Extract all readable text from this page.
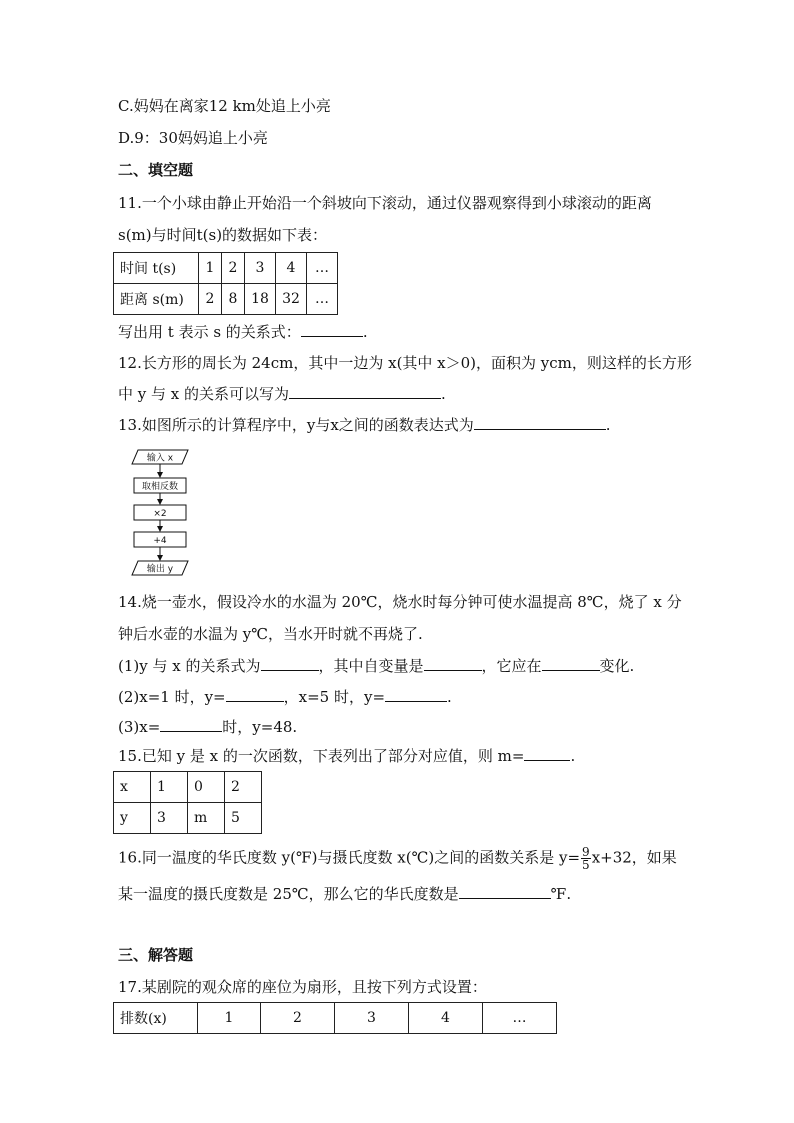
C.妈妈在离家12 km处追上小亮
D.9：30妈妈追上小亮
二、填空题
11.一个小球由静止开始沿一个斜坡向下滚动，通过仪器观察得到小球滚动的距离
s(m)与时间t(s)的数据如下表：
时间 t(s)	1	2	3	4	…
距离 s(m)	2	8	18	32	…
写出用 t 表示 s 的关系式：	.
12.长方形的周长为 24cm，其中一边为 x(其中 x＞0)，面积为 ycm，则这样的长方形
中 y 与 x 的关系可以写为	.
13.如图所示的计算程序中，y与x之间的函数表达式为	.
输入 x
取相反数
×2
+4
输出 y
14.烧一壶水，假设冷水的水温为 20℃，烧水时每分钟可使水温提高 8℃，烧了 x 分
钟后水壶的水温为 y℃，当水开时就不再烧了.
(1)y 与 x 的关系式为	，其中自变量是	，它应在	变化.
(2)x=1 时，y=	，x=5 时，y=	.
(3)x=	时，y=48.
15.已知 y 是 x 的一次函数，下表列出了部分对应值，则 m=	.
x	1	0	2
y	3	m	5
16.同一温度的华氏度数 y(℉)与摄氏度数 x(℃)之间的函数关系是 $y= \frac{9}{5} x+32$，如果
某一温度的摄氏度数是 25℃，那么它的华氏度数是	℉.
三、解答题
17.某剧院的观众席的座位为扇形，且按下列方式设置：
排数(x)	1	2	3	4	…
